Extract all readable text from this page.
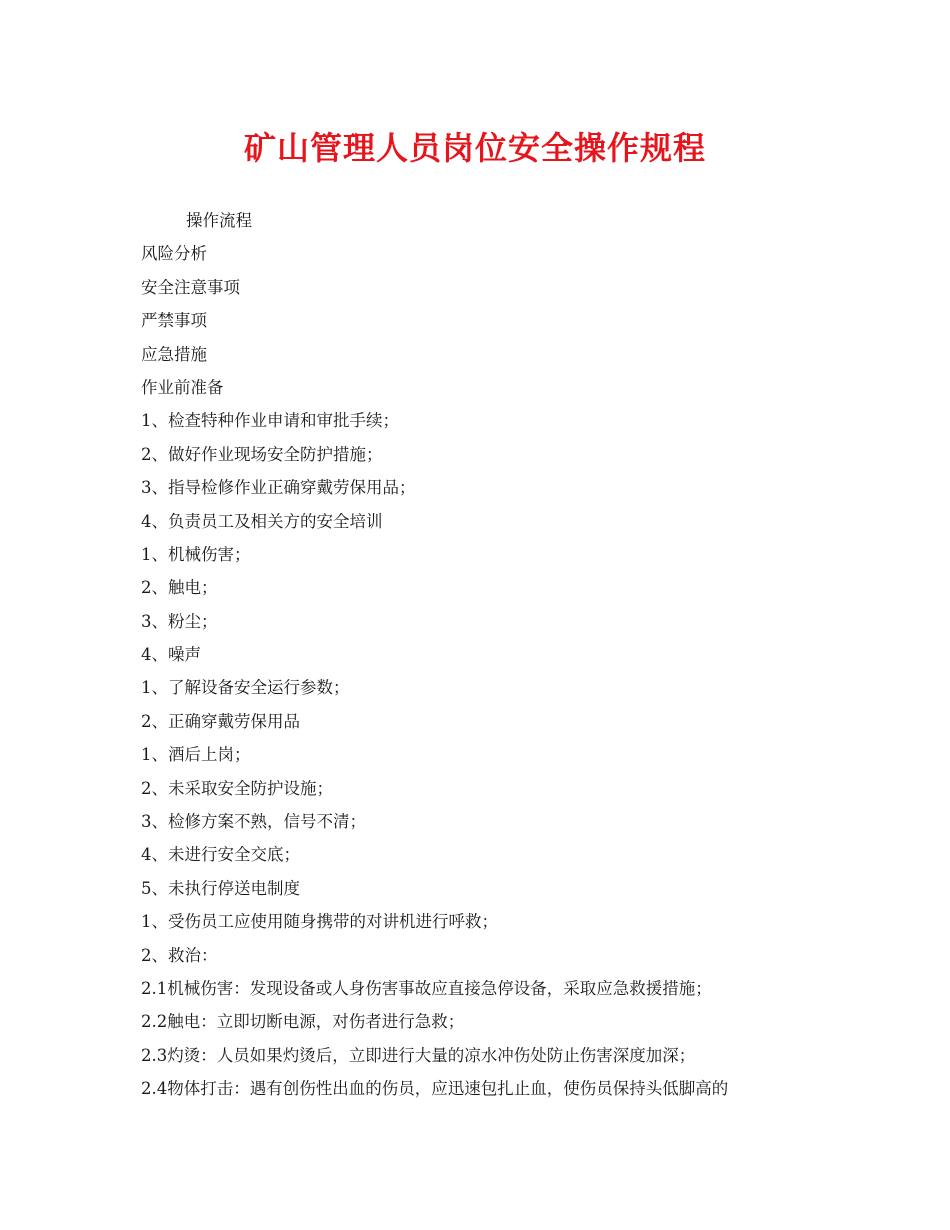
矿山管理人员岗位安全操作规程

操作流程

风险分析

安全注意事项

严禁事项

应急措施

作业前准备

1、检查特种作业申请和审批手续；

2、做好作业现场安全防护措施；

3、指导检修作业正确穿戴劳保用品；

4、负责员工及相关方的安全培训

1、机械伤害；

2、触电；

3、粉尘；

4、噪声

1、了解设备安全运行参数；

2、正确穿戴劳保用品

1、酒后上岗；

2、未采取安全防护设施；

3、检修方案不熟，信号不清；

4、未进行安全交底；

5、未执行停送电制度

1、受伤员工应使用随身携带的对讲机进行呼救；

2、救治：

2.1机械伤害：发现设备或人身伤害事故应直接急停设备，采取应急救援措施；

2.2触电：立即切断电源，对伤者进行急救；

2.3灼烫：人员如果灼烫后，立即进行大量的凉水冲伤处防止伤害深度加深；

2.4物体打击：遇有创伤性出血的伤员，应迅速包扎止血，使伤员保持头低脚高的
